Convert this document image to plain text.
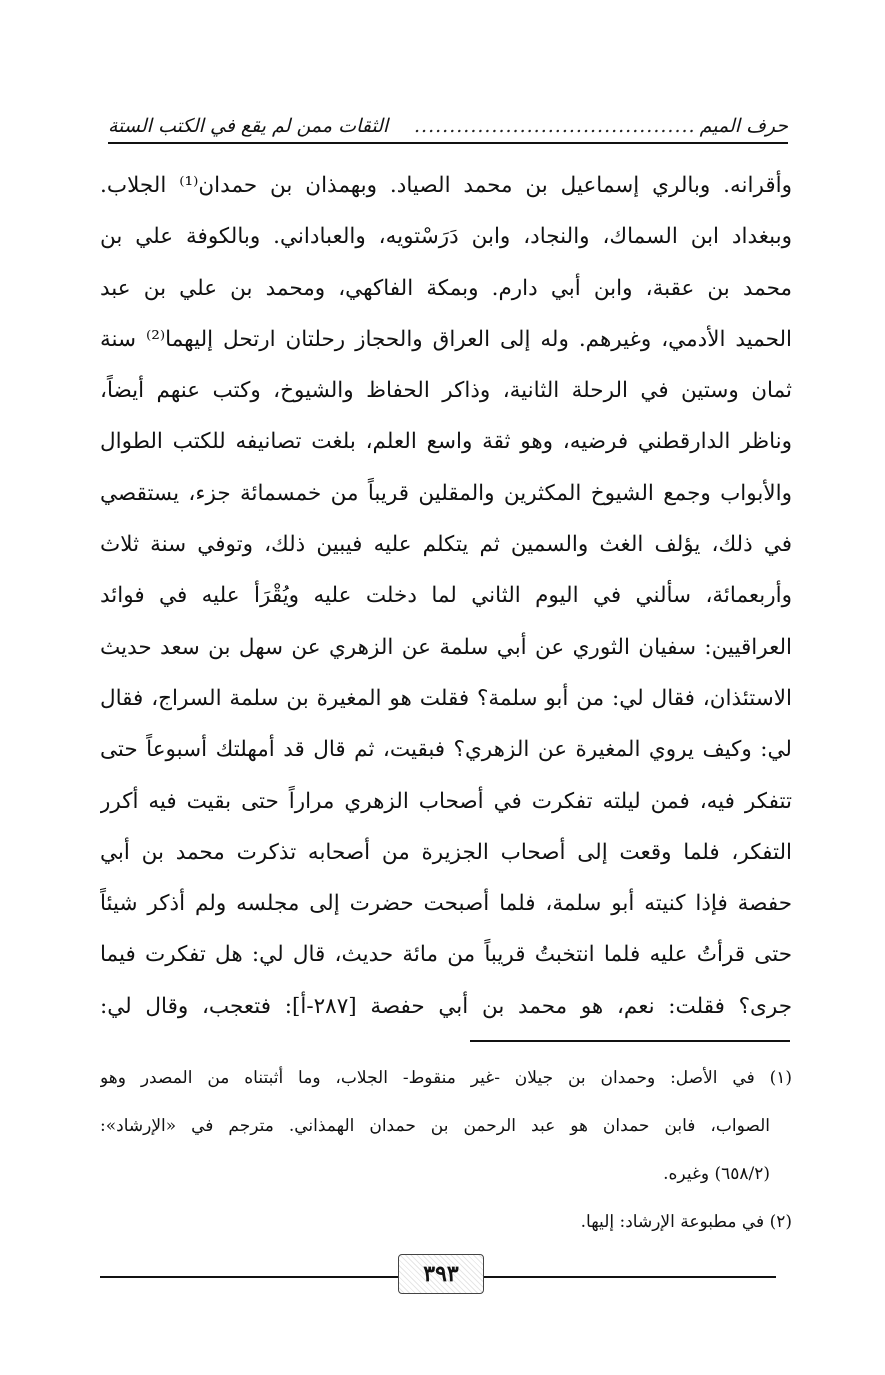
حرف الميم
........................................
الثقات ممن لم يقع في الكتب الستة
وأقرانه. وبالري إسماعيل بن محمد الصياد. وبهمذان بن حمدان⁽¹⁾ الجلاب.
وببغداد ابن السماك، والنجاد، وابن دَرَسْتويه، والعباداني. وبالكوفة علي بن
محمد بن عقبة، وابن أبي دارم. وبمكة الفاكهي، ومحمد بن علي بن عبد
الحميد الأدمي، وغيرهم. وله إلى العراق والحجاز رحلتان ارتحل إليهما⁽²⁾ سنة
ثمان وستين في الرحلة الثانية، وذاكر الحفاظ والشيوخ، وكتب عنهم أيضاً،
وناظر الدارقطني فرضيه، وهو ثقة واسع العلم، بلغت تصانيفه للكتب الطوال
والأبواب وجمع الشيوخ المكثرين والمقلين قريباً من خمسمائة جزء، يستقصي
في ذلك، يؤلف الغث والسمين ثم يتكلم عليه فيبين ذلك، وتوفي سنة ثلاث
وأربعمائة، سألني في اليوم الثاني لما دخلت عليه ويُقْرَأ عليه في فوائد
العراقيين: سفيان الثوري عن أبي سلمة عن الزهري عن سهل بن سعد حديث
الاستئذان، فقال لي: من أبو سلمة؟ فقلت هو المغيرة بن سلمة السراج، فقال
لي: وكيف يروي المغيرة عن الزهري؟ فبقيت، ثم قال قد أمهلتك أسبوعاً حتى
تتفكر فيه، فمن ليلته تفكرت في أصحاب الزهري مراراً حتى بقيت فيه أكرر
التفكر، فلما وقعت إلى أصحاب الجزيرة من أصحابه تذكرت محمد بن أبي
حفصة فإذا كنيته أبو سلمة، فلما أصبحت حضرت إلى مجلسه ولم أذكر شيئاً
حتى قرأتُ عليه فلما انتخبتُ قريباً من مائة حديث، قال لي: هل تفكرت فيما
جرى؟ فقلت: نعم، هو محمد بن أبي حفصة [٢٨٧-أ]: فتعجب، وقال لي:
(١) في الأصل: وحمدان بن جيلان -غير منقوط- الجلاب، وما أثبتناه من المصدر وهو
الصواب، فابن حمدان هو عبد الرحمن بن حمدان الهمذاني. مترجم في «الإرشاد»:
(٦٥٨/٢) وغيره.
(٢) في مطبوعة الإرشاد: إليها.
٣٩٣
